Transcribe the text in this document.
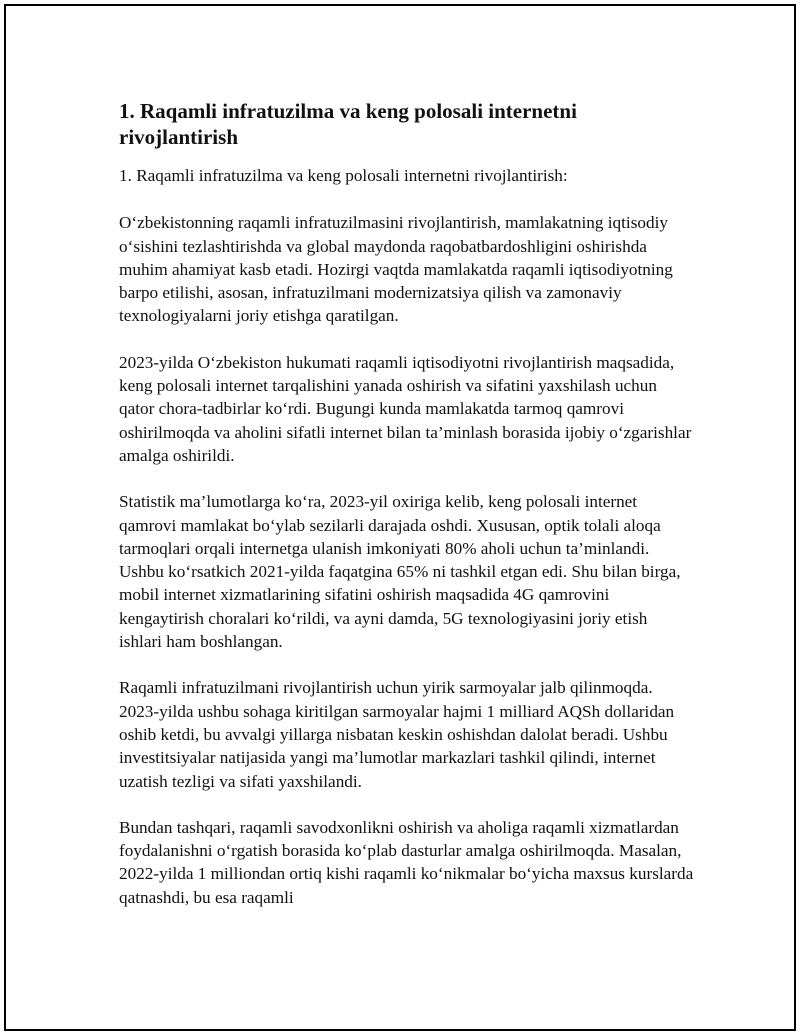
1. Raqamli infratuzilma va keng polosali internetni rivojlantirish

1. Raqamli infratuzilma va keng polosali internetni rivojlantirish:

O‘zbekistonning raqamli infratuzilmasini rivojlantirish, mamlakatning iqtisodiy o‘sishini tezlashtirishda va global maydonda raqobatbardoshligini oshirishda muhim ahamiyat kasb etadi. Hozirgi vaqtda mamlakatda raqamli iqtisodiyotning barpo etilishi, asosan, infratuzilmani modernizatsiya qilish va zamonaviy texnologiyalarni joriy etishga qaratilgan.

2023-yilda O‘zbekiston hukumati raqamli iqtisodiyotni rivojlantirish maqsadida, keng polosali internet tarqalishini yanada oshirish va sifatini yaxshilash uchun qator chora-tadbirlar ko‘rdi. Bugungi kunda mamlakatda tarmoq qamrovi oshirilmoqda va aholini sifatli internet bilan ta’minlash borasida ijobiy o‘zgarishlar amalga oshirildi.

Statistik ma’lumotlarga ko‘ra, 2023-yil oxiriga kelib, keng polosali internet qamrovi mamlakat bo‘ylab sezilarli darajada oshdi. Xususan, optik tolali aloqa tarmoqlari orqali internetga ulanish imkoniyati 80% aholi uchun ta’minlandi. Ushbu ko‘rsatkich 2021-yilda faqatgina 65% ni tashkil etgan edi. Shu bilan birga, mobil internet xizmatlarining sifatini oshirish maqsadida 4G qamrovini kengaytirish choralari ko‘rildi, va ayni damda, 5G texnologiyasini joriy etish ishlari ham boshlangan.

Raqamli infratuzilmani rivojlantirish uchun yirik sarmoyalar jalb qilinmoqda. 2023-yilda ushbu sohaga kiritilgan sarmoyalar hajmi 1 milliard AQSh dollaridan oshib ketdi, bu avvalgi yillarga nisbatan keskin oshishdan dalolat beradi. Ushbu investitsiyalar natijasida yangi ma’lumotlar markazlari tashkil qilindi, internet uzatish tezligi va sifati yaxshilandi.

Bundan tashqari, raqamli savodxonlikni oshirish va aholiga raqamli xizmatlardan foydalanishni o‘rgatish borasida ko‘plab dasturlar amalga oshirilmoqda. Masalan, 2022-yilda 1 milliondan ortiq kishi raqamli ko‘nikmalar bo‘yicha maxsus kurslarda qatnashdi, bu esa raqamli
